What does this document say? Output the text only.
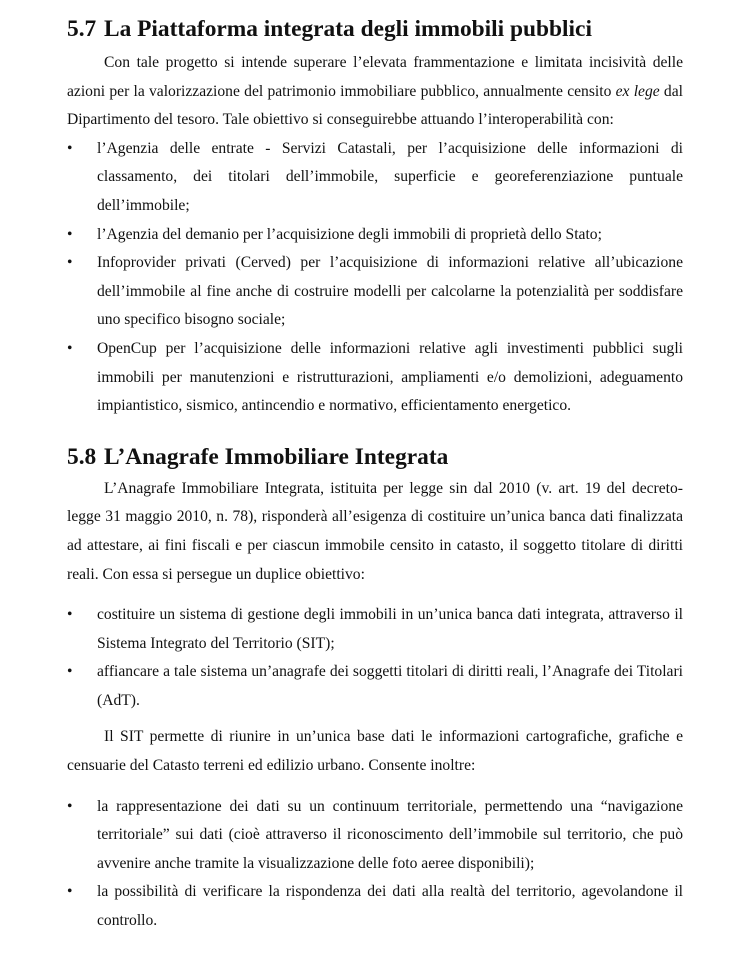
5.7 La Piattaforma integrata degli immobili pubblici

Con tale progetto si intende superare l’elevata frammentazione e limitata incisività delle azioni per la valorizzazione del patrimonio immobiliare pubblico, annualmente censito ex lege dal Dipartimento del tesoro. Tale obiettivo si conseguirebbe attuando l’interoperabilità con:

•	l’Agenzia delle entrate - Servizi Catastali, per l’acquisizione delle informazioni di classamento, dei titolari dell’immobile, superficie e georeferenziazione puntuale dell’immobile;
•	l’Agenzia del demanio per l’acquisizione degli immobili di proprietà dello Stato;
•	Infoprovider privati (Cerved) per l’acquisizione di informazioni relative all’ubicazione dell’immobile al fine anche di costruire modelli per calcolarne la potenzialità per soddisfare uno specifico bisogno sociale;
•	OpenCup per l’acquisizione delle informazioni relative agli investimenti pubblici sugli immobili per manutenzioni e ristrutturazioni, ampliamenti e/o demolizioni, adeguamento impiantistico, sismico, antincendio e normativo, efficientamento energetico.
5.8 L’Anagrafe Immobiliare Integrata

L’Anagrafe Immobiliare Integrata, istituita per legge sin dal 2010 (v. art. 19 del decreto-legge 31 maggio 2010, n. 78), risponderà all’esigenza di costituire un’unica banca dati finalizzata ad attestare, ai fini fiscali e per ciascun immobile censito in catasto, il soggetto titolare di diritti reali. Con essa si persegue un duplice obiettivo:

•	costituire un sistema di gestione degli immobili in un’unica banca dati integrata, attraverso il Sistema Integrato del Territorio (SIT);
•	affiancare a tale sistema un’anagrafe dei soggetti titolari di diritti reali, l’Anagrafe dei Titolari (AdT).

Il SIT permette di riunire in un’unica base dati le informazioni cartografiche, grafiche e censuarie del Catasto terreni ed edilizio urbano. Consente inoltre:

•	la rappresentazione dei dati su un continuum territoriale, permettendo una “navigazione territoriale” sui dati (cioè attraverso il riconoscimento dell’immobile sul territorio, che può avvenire anche tramite la visualizzazione delle foto aeree disponibili);
•	la possibilità di verificare la rispondenza dei dati alla realtà del territorio, agevolandone il controllo.
